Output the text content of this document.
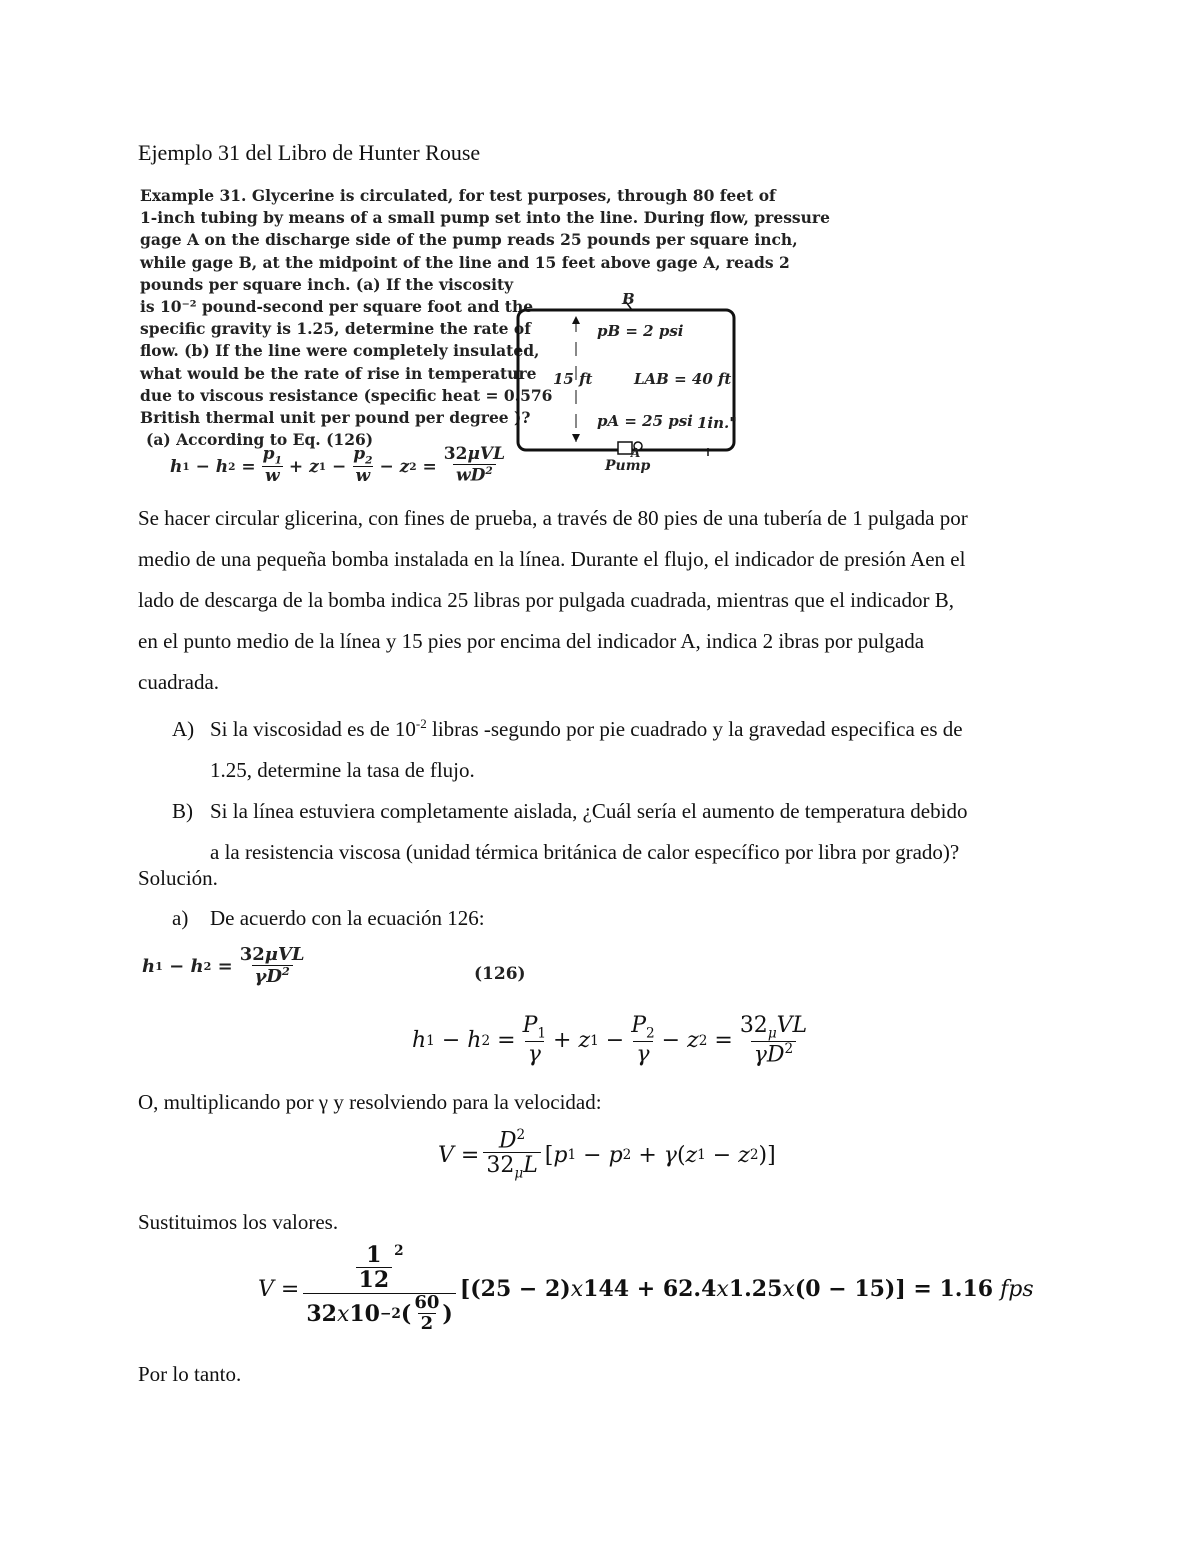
Ejemplo 31 del Libro de Hunter Rouse
Example 31. Glycerine is circulated, for test purposes, through 80 feet of
1-inch tubing by means of a small pump set into the line. During flow, pressure
gage A on the discharge side of the pump reads 25 pounds per square inch,
while gage B, at the midpoint of the line and 15 feet above gage A, reads 2
pounds per square inch. (a) If the viscosity
is 10⁻² pound-second per square foot and the
specific gravity is 1.25, determine the rate of
flow. (b) If the line were completely insulated,
what would be the rate of rise in temperature
due to viscous resistance (specific heat = 0.576
British thermal unit per pound per degree )?
(a) According to Eq. (126)
h 1 − h $2 = \frac{p_1}{w} + z$ $1 - \frac{p_2}{w} - z$ $2 = \frac{\text{32μVL}}{wD^2}$
B
pB = 2 psi
15 ft	LAB = 40 ft
pA = 25 psi 1in."
A
Pump
Se hacer circular glicerina, con fines de prueba, a través de 80 pies de una tubería de 1 pulgada por
medio de una pequeña bomba instalada en la línea. Durante el flujo, el indicador de presión Aen el
lado de descarga de la bomba indica 25 libras por pulgada cuadrada, mientras que el indicador B,
en el punto medio de la línea y 15 pies por encima del indicador A, indica 2 ibras por pulgada
cuadrada.
A) Si la viscosidad es de $10^{-2}$ libras -segundo por pie cuadrado y la gravedad especifica es de
1.25, determine la tasa de flujo.
B) Si la línea estuviera completamente aislada, ¿Cuál sería el aumento de temperatura debido
a la resistencia viscosa (unidad térmica británica de calor específico por libra por grado)?
Solución.
a) De acuerdo con la ecuación 126:
h 1 − h $2 = \frac{\text{32μVL}}{\gamma D^2}$	(126)
h 1
− h 2
= $\frac{P_1}{\gamma} + z$ 1
− $\frac{P_2}{\gamma} - z$ 2
= $\frac{32_\mu VL}{\gamma D^2}$
O, multiplicando por γ y resolviendo para la velocidad:
$V = \frac{D^2}{32_\mu L}$ [ p 1
− p 2
+ γ ( z 1
− z 2 )]
Sustituimos los valores.
$V = \frac{\frac{1}{12}^2}{32 x 10 -2 ( \frac{60}{2} )} [(25 - 2)$ x 144 + 62.4 x 1.25 x (0 − 15)] = 1.16
fps
Por lo tanto.
